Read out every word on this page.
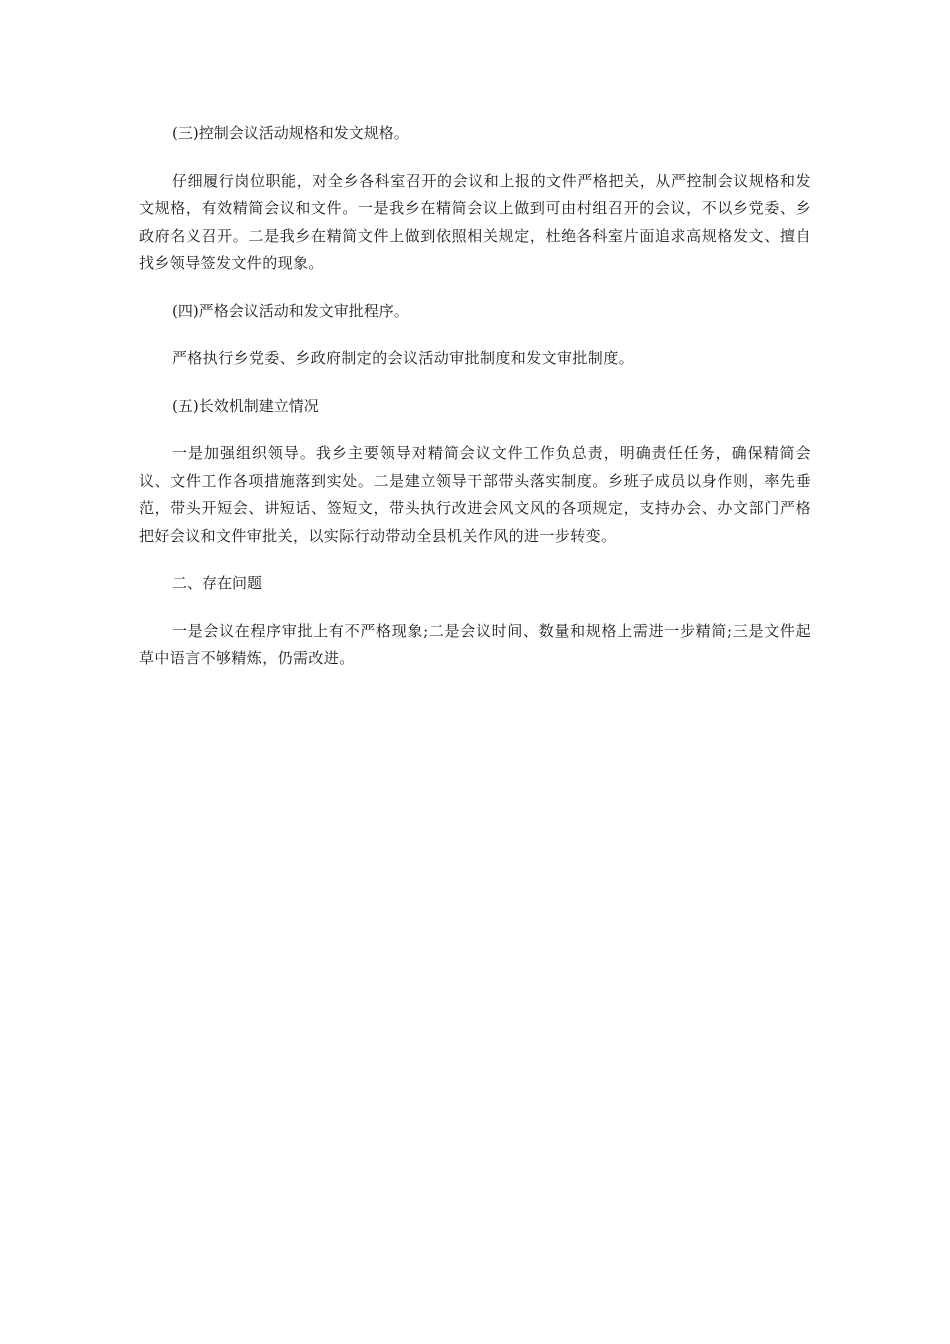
(三)控制会议活动规格和发文规格。

仔细履行岗位职能，对全乡各科室召开的会议和上报的文件严格把关，从严控制会议规格和发文规格，有效精简会议和文件。一是我乡在精简会议上做到可由村组召开的会议，不以乡党委、乡政府名义召开。二是我乡在精简文件上做到依照相关规定，杜绝各科室片面追求高规格发文、擅自找乡领导签发文件的现象。

(四)严格会议活动和发文审批程序。

严格执行乡党委、乡政府制定的会议活动审批制度和发文审批制度。

(五)长效机制建立情况

一是加强组织领导。我乡主要领导对精简会议文件工作负总责，明确责任任务，确保精简会议、文件工作各项措施落到实处。二是建立领导干部带头落实制度。乡班子成员以身作则，率先垂范，带头开短会、讲短话、签短文，带头执行改进会风文风的各项规定，支持办会、办文部门严格把好会议和文件审批关，以实际行动带动全县机关作风的进一步转变。

二、存在问题

一是会议在程序审批上有不严格现象;二是会议时间、数量和规格上需进一步精简;三是文件起草中语言不够精炼，仍需改进。
